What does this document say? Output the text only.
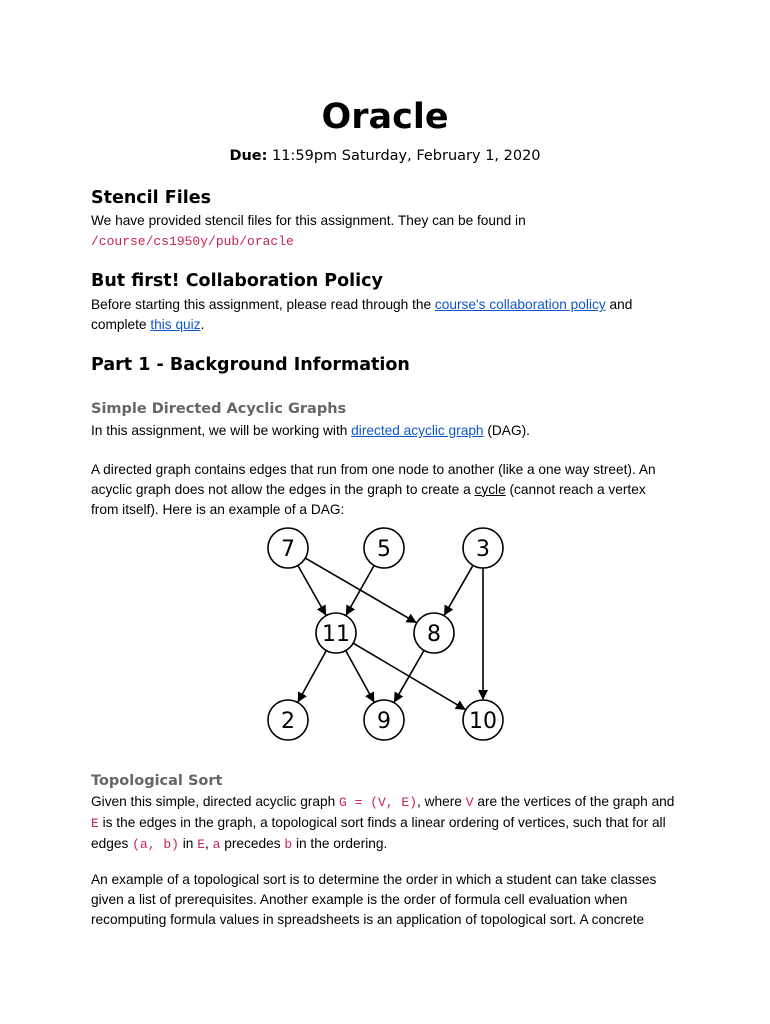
Oracle
Due: 11:59pm Saturday, February 1, 2020
Stencil Files

We have provided stencil files for this assignment. They can be found in
/course/cs1950y/pub/oracle

But first! Collaboration Policy

Before starting this assignment, please read through the course's collaboration policy and
complete this quiz.

Part 1 - Background Information
Simple Directed Acyclic Graphs

In this assignment, we will be working with directed acyclic graph (DAG).

A directed graph contains edges that run from one node to another (like a one way street). An
acyclic graph does not allow the edges in the graph to create a cycle (cannot reach a vertex
from itself). Here is an example of a DAG:

7	5	3
11	8
2	9	10
Topological Sort

Given this simple, directed acyclic graph G = (V, E), where V are the vertices of the graph and
E is the edges in the graph, a topological sort finds a linear ordering of vertices, such that for all
edges (a, b) in E, a precedes b in the ordering.

An example of a topological sort is to determine the order in which a student can take classes
given a list of prerequisites. Another example is the order of formula cell evaluation when
recomputing formula values in spreadsheets is an application of topological sort. A concrete
